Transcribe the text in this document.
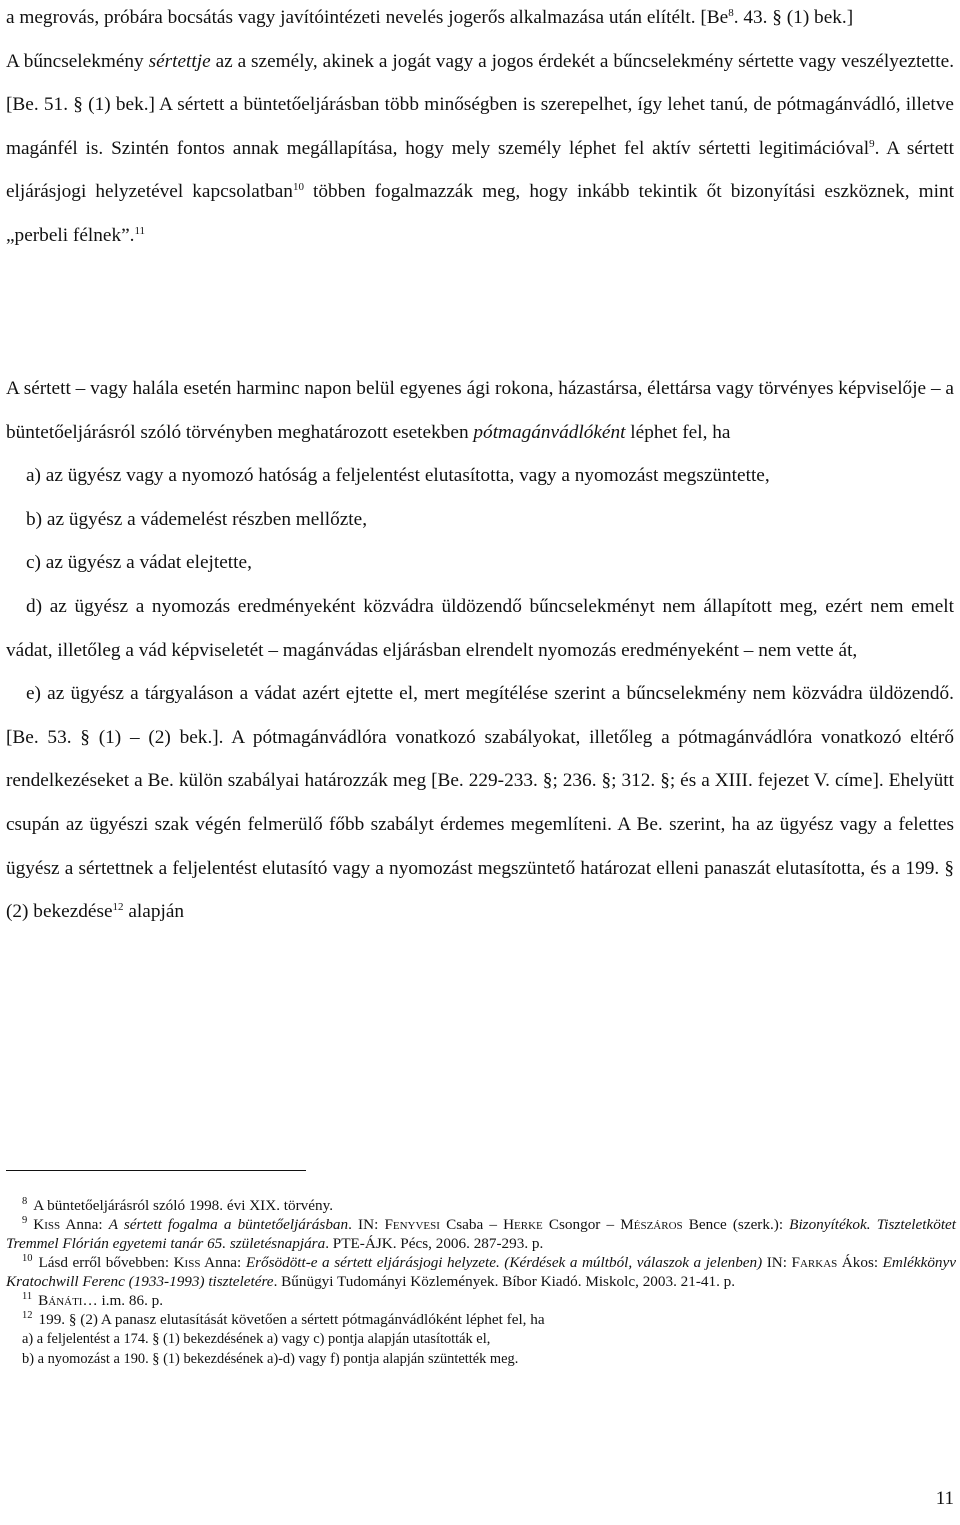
a megrovás, próbára bocsátás vagy javítóintézeti nevelés jogerős alkalmazása után elítélt. [Be$^8$. 43. § (1) bek.]

A bűncselekmény sértettje az a személy, akinek a jogát vagy a jogos érdekét a bűncselekmény sértette vagy veszélyeztette. [Be. 51. § (1) bek.] A sértett a büntetőeljárásban több minőségben is szerepelhet, így lehet tanú, de pótmagánvádló, illetve magánfél is. Szintén fontos annak megállapítása, hogy mely személy léphet fel aktív sértetti legitimációval$^9$. A sértett eljárásjogi helyzetével kapcsolatban$^{10}$ többen fogalmazzák meg, hogy inkább tekintik őt bizonyítási eszköznek, mint „perbeli félnek”.$^{11}$

A sértett – vagy halála esetén harminc napon belül egyenes ági rokona, házastársa, élettársa vagy törvényes képviselője – a büntetőeljárásról szóló törvényben meghatározott esetekben pótmagánvádlóként léphet fel, ha

a) az ügyész vagy a nyomozó hatóság a feljelentést elutasította, vagy a nyomozást megszüntette,

b) az ügyész a vádemelést részben mellőzte,

c) az ügyész a vádat elejtette,

d) az ügyész a nyomozás eredményeként közvádra üldözendő bűncselekményt nem állapított meg, ezért nem emelt vádat, illetőleg a vád képviseletét – magánvádas eljárásban elrendelt nyomozás eredményeként – nem vette át,

e) az ügyész a tárgyaláson a vádat azért ejtette el, mert megítélése szerint a bűncselekmény nem közvádra üldözendő. [Be. 53. § (1) – (2) bek.]. A pótmagánvádlóra vonatkozó szabályokat, illetőleg a pótmagánvádlóra vonatkozó eltérő rendelkezéseket a Be. külön szabályai határozzák meg [Be. 229-233. §; 236. §; 312. §; és a XIII. fejezet V. címe]. Ehelyütt csupán az ügyészi szak végén felmerülő főbb szabályt érdemes megemlíteni. A Be. szerint, ha az ügyész vagy a felettes ügyész a sértettnek a feljelentést elutasító vagy a nyomozást megszüntető határozat elleni panaszát elutasította, és a 199. § (2) bekezdése$^{12}$ alapján

$^8$ A büntetőeljárásról szóló 1998. évi XIX. törvény.

$^9$ Kiss Anna: A sértett fogalma a büntetőeljárásban. IN: Fenyvesi Csaba – Herke Csongor – Mészáros Bence (szerk.): Bizonyítékok. Tiszteletkötet Tremmel Flórián egyetemi tanár 65. születésnapjára. PTE-ÁJK. Pécs, 2006. 287-293. p.

$^{10}$ Lásd erről bővebben: Kiss Anna: Erősödött-e a sértett eljárásjogi helyzete. (Kérdések a múltból, válaszok a jelenben) IN: Farkas Ákos: Emlékkönyv Kratochwill Ferenc (1933-1993) tiszteletére. Bűnügyi Tudományi Közlemények. Bíbor Kiadó. Miskolc, 2003. 21-41. p.

$^{11}$ Bánáti… i.m. 86. p.

$^{12}$ 199. § (2) A panasz elutasítását követően a sértett pótmagánvádlóként léphet fel, ha

a) a feljelentést a 174. § (1) bekezdésének a) vagy c) pontja alapján utasították el,

b) a nyomozást a 190. § (1) bekezdésének a)-d) vagy f) pontja alapján szüntették meg.

11
